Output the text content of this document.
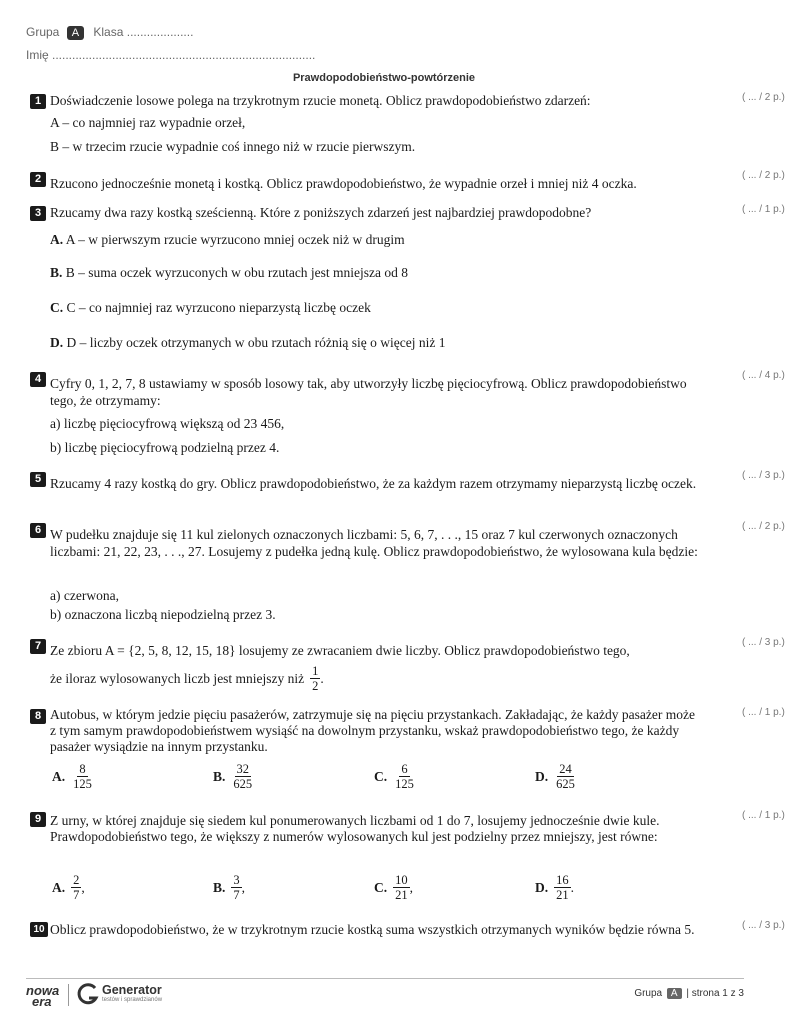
Grupa A Klasa ....................
Imię ...............................................................................
Prawdopodobieństwo-powtórzenie
1 Doświadczenie losowe polega na trzykrotnym rzucie monetą. Oblicz prawdopodobieństwo zdarzeń:	( ... / 2 p.)
A – co najmniej raz wypadnie orzeł,
B – w trzecim rzucie wypadnie coś innego niż w rzucie pierwszym.
2 Rzucono jednocześnie monetą i kostką. Oblicz prawdopodobieństwo, że wypadnie orzeł i mniej niż 4 oczka.
( ... / 2 p.)
3 Rzucamy dwa razy kostką sześcienną. Które z poniższych zdarzeń jest najbardziej prawdopodobne?	( ... / 1 p.)
A. A – w pierwszym rzucie wyrzucono mniej oczek niż w drugim
B. B – suma oczek wyrzuconych w obu rzutach jest mniejsza od 8
C. C – co najmniej raz wyrzucono nieparzystą liczbę oczek
D. D – liczby oczek otrzymanych w obu rzutach różnią się o więcej niż 1
4 Cyfry 0, 1, 2, 7, 8 ustawiamy w sposób losowy tak, aby utworzyły liczbę pięciocyfrową. Oblicz prawdopodobieństwo tego, że otrzymamy:
( ... / 4 p.)
a) liczbę pięciocyfrową większą od 23 456,
b) liczbę pięciocyfrową podzielną przez 4.
5 Rzucamy 4 razy kostką do gry. Oblicz prawdopodobieństwo, że za każdym razem otrzymamy nieparzystą liczbę oczek.
( ... / 3 p.)
6 W pudełku znajduje się 11 kul zielonych oznaczonych liczbami: 5, 6, 7, . . ., 15 oraz 7 kul czerwonych oznaczonych liczbami: 21, 22, 23, . . ., 27. Losujemy z pudełka jedną kulę. Oblicz prawdopodobieństwo, że wylosowana kula będzie:
( ... / 2 p.)
a) czerwona,
b) oznaczona liczbą niepodzielną przez 3.
7 Ze zbioru A = {2, 5, 8, 12, 15, 18} losujemy ze zwracaniem dwie liczby. Oblicz prawdopodobieństwo tego,
( ... / 3 p.)
że iloraz wylosowanych liczb jest mniejszy niż $\frac{1}{2}$ .
8 Autobus, w którym jedzie pięciu pasażerów, zatrzymuje się na pięciu przystankach. Zakładając, że każdy pasażer może z tym samym prawdopodobieństwem wysiąść na dowolnym przystanku, wskaż prawdopodobieństwo tego, że każdy pasażer wysiądzie na innym przystanku.
( ... / 1 p.)
A. $\frac{8}{125}$	B. $\frac{32}{625}$	C. $\frac{6}{125}$	D. $\frac{24}{625}$
9 Z urny, w której znajduje się siedem kul ponumerowanych liczbami od 1 do 7, losujemy jednocześnie dwie kule. Prawdopodobieństwo tego, że większy z numerów wylosowanych kul jest podzielny przez mniejszy, jest równe:
( ... / 1 p.)
A. $\frac{2}{7}$ ,	B. $\frac{3}{7}$ ,	C. $\frac{10}{21}$ ,	D. $\frac{16}{21}$ .
10 Oblicz prawdopodobieństwo, że w trzykrotnym rzucie kostką suma wszystkich otrzymanych wyników będzie równa 5.	( ... / 3 p.)
nowa
era
Generator
testów i sprawdzianów
Grupa A | strona 1 z 3
